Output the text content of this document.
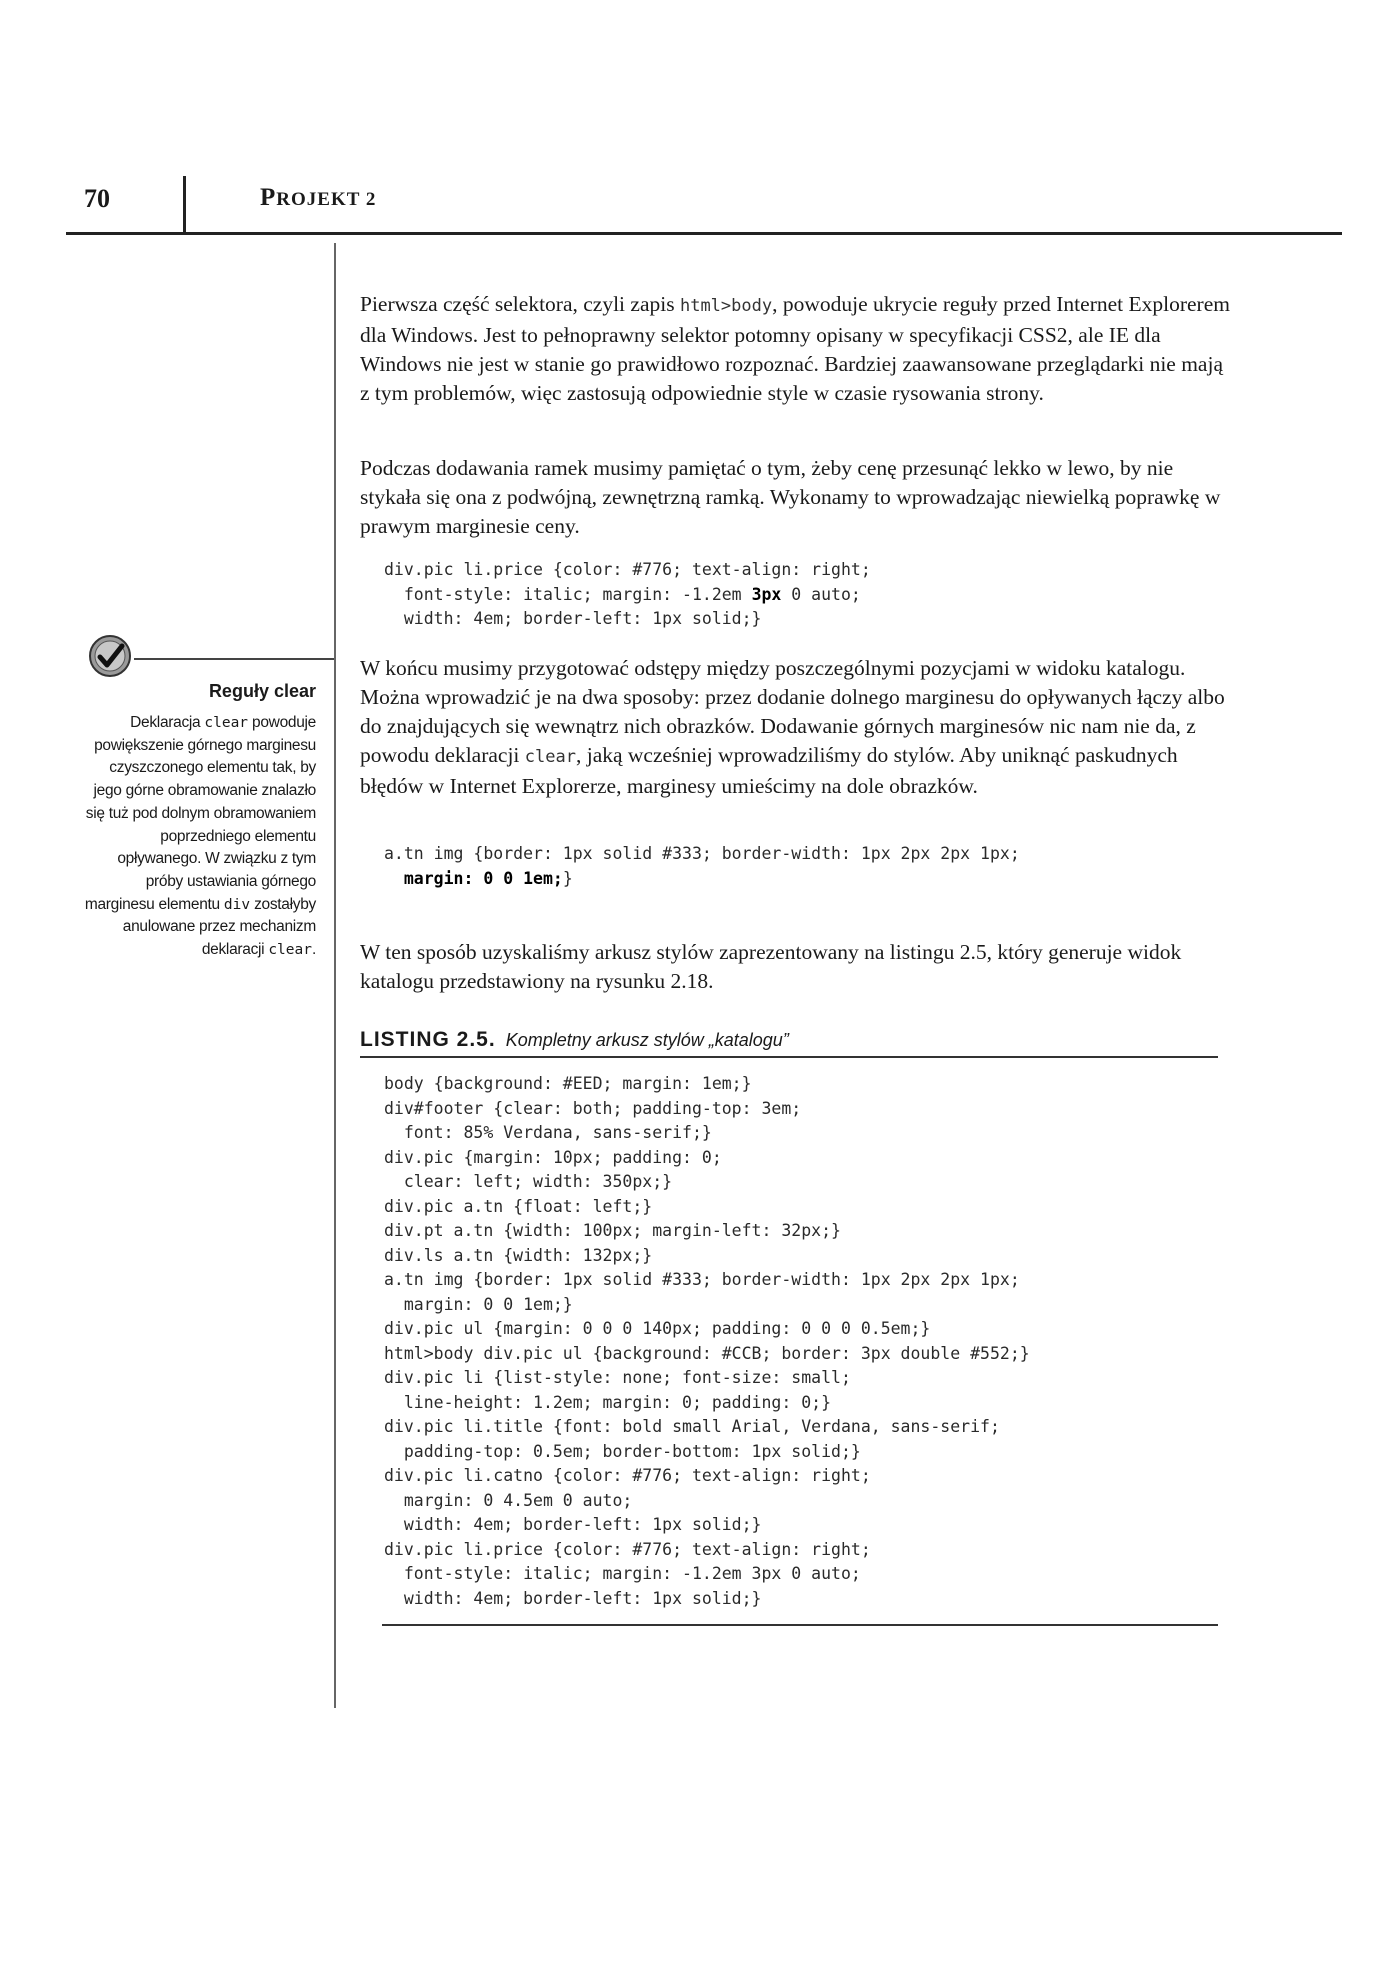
70	PROJEKT 2

Pierwsza część selektora, czyli zapis html>body, powoduje ukrycie reguły przed Internet Explorerem dla Windows. Jest to pełnoprawny selektor potomny opisany w specyfikacji CSS2, ale IE dla Windows nie jest w stanie go prawidłowo rozpoznać. Bardziej zaawansowane przeglądarki nie mają z tym problemów, więc zastosują odpowiednie style w czasie rysowania strony.

Podczas dodawania ramek musimy pamiętać o tym, żeby cenę przesunąć lekko w lewo, by nie stykała się ona z podwójną, zewnętrzną ramką. Wykonamy to wprowadzając niewielką poprawkę w prawym marginesie ceny.

div.pic li.price {color: #776; text-align: right;
font-style: italic; margin: -1.2em 3px 0 auto;
width: 4em; border-left: 1px solid;}

W końcu musimy przygotować odstępy między poszczególnymi pozycjami w widoku katalogu. Można wprowadzić je na dwa sposoby: przez dodanie dolnego marginesu do opływanych łączy albo do znajdujących się wewnątrz nich obrazków. Dodawanie górnych marginesów nic nam nie da, z powodu deklaracji clear, jaką wcześniej wprowadziliśmy do stylów. Aby uniknąć paskudnych błędów w Internet Explorerze, marginesy umieścimy na dole obrazków.

a.tn img {border: 1px solid #333; border-width: 1px 2px 2px 1px;
margin: 0 0 1em;}

W ten sposób uzyskaliśmy arkusz stylów zaprezentowany na listingu 2.5, który generuje widok katalogu przedstawiony na rysunku 2.18.

Reguły clear
Deklaracja clear powoduje powiększenie górnego marginesu czyszczonego elementu tak, by jego górne obramowanie znalazło się tuż pod dolnym obramowaniem poprzedniego elementu opływanego. W związku z tym próby ustawiania górnego marginesu elementu div zostałyby anulowane przez mechanizm deklaracji clear.
LISTING 2.5. Kompletny arkusz stylów „katalogu”
body {background: #EED; margin: 1em;}
div#footer {clear: both; padding-top: 3em;
font: 85% Verdana, sans-serif;}
div.pic {margin: 10px; padding: 0;
clear: left; width: 350px;}
div.pic a.tn {float: left;}
div.pt a.tn {width: 100px; margin-left: 32px;}
div.ls a.tn {width: 132px;}
a.tn img {border: 1px solid #333; border-width: 1px 2px 2px 1px;
margin: 0 0 1em;}
div.pic ul {margin: 0 0 0 140px; padding: 0 0 0 0.5em;}
html>body div.pic ul {background: #CCB; border: 3px double #552;}
div.pic li {list-style: none; font-size: small;
line-height: 1.2em; margin: 0; padding: 0;}
div.pic li.title {font: bold small Arial, Verdana, sans-serif;
padding-top: 0.5em; border-bottom: 1px solid;}
div.pic li.catno {color: #776; text-align: right;
margin: 0 4.5em 0 auto;
width: 4em; border-left: 1px solid;}
div.pic li.price {color: #776; text-align: right;
font-style: italic; margin: -1.2em 3px 0 auto;
width: 4em; border-left: 1px solid;}
